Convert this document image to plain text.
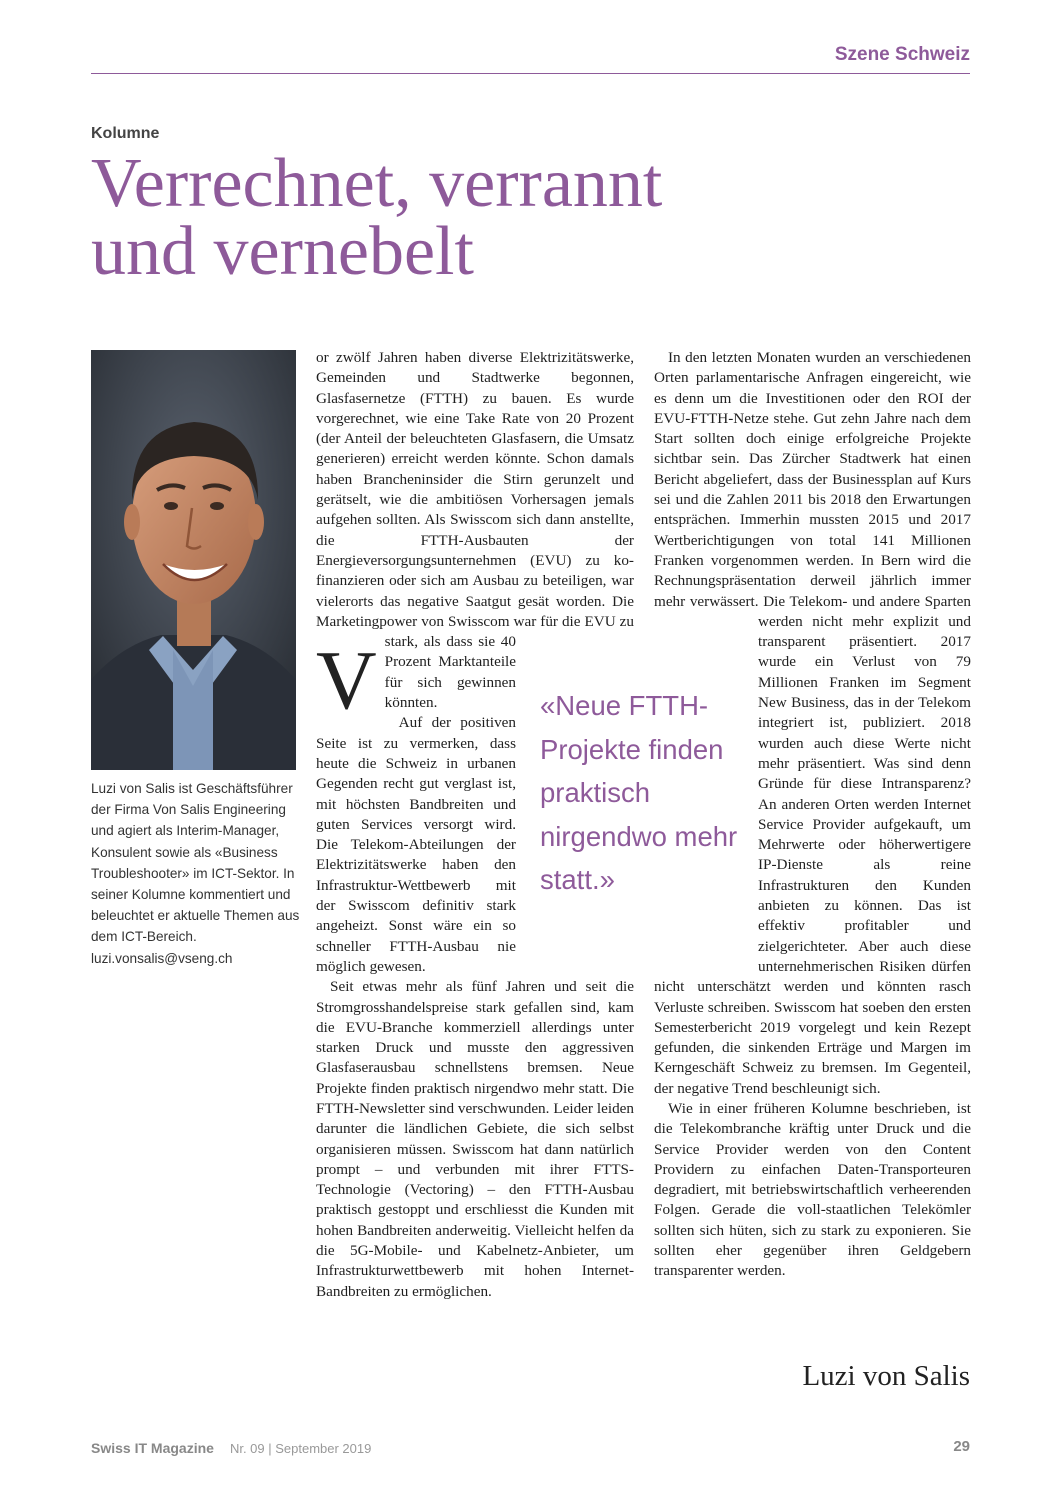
Szene Schweiz
Kolumne
Verrechnet, verrannt
und vernebelt

Luzi von Salis ist Geschäftsführer der Firma Von Salis Engineering und agiert als Interim-Manager, Konsulent sowie als «Business Troubleshooter» im ICT-Sektor. In seiner Kolumne kommentiert und beleuchtet er aktuelle Themen aus dem ICT-Bereich.

luzi.vonsalis@vseng.ch

V
or zwölf Jahren haben diverse Elektrizitätswerke, Gemeinden und Stadtwerke begonnen, Glasfasernetze (FTTH) zu bauen. Es wurde vorgerechnet, wie eine Take Rate von 20 Prozent (der Anteil der beleuchteten Glasfasern, die Umsatz generieren) erreicht werden könnte. Schon damals haben Brancheninsider die Stirn gerunzelt und gerätselt, wie die ambitiösen Vorhersagen jemals aufgehen sollten. Als Swisscom sich dann anstellte, die FTTH-Ausbauten der Energieversorgungsunternehmen (EVU) zu ko-finanzieren oder sich am Ausbau zu beteiligen, war vielerorts das negative Saatgut gesät worden. Die Marketingpower von Swisscom war für die EVU zu stark, als dass sie 40 Prozent Marktanteile für sich gewinnen könnten.

Auf der positiven Seite ist zu vermerken, dass heute die Schweiz in urbanen Gegenden recht gut verglast ist, mit höchsten Bandbreiten und guten Services versorgt wird. Die Telekom-Abteilungen der Elektrizitätswerke haben den Infrastruktur-Wettbewerb mit der Swisscom definitiv stark angeheizt. Sonst wäre ein so schneller FTTH-Ausbau nie möglich gewesen.

Seit etwas mehr als fünf Jahren und seit die Stromgrosshandelspreise stark gefallen sind, kam die EVU-Branche kommerziell allerdings unter starken Druck und musste den aggressiven Glasfaserausbau schnellstens bremsen. Neue Projekte finden praktisch nirgendwo mehr statt. Die FTTH-Newsletter sind verschwunden. Leider leiden darunter die ländlichen Gebiete, die sich selbst organisieren müssen. Swisscom hat dann natürlich prompt – und verbunden mit ihrer FTTS-Technologie (Vectoring) – den FTTH-Ausbau praktisch gestoppt und erschliesst die Kunden mit hohen Bandbreiten anderweitig. Vielleicht helfen da die 5G-Mobile- und Kabelnetz-Anbieter, um Infrastrukturwettbewerb mit hohen Internet-Bandbreiten zu ermöglichen.

«Neue FTTH-Projekte finden praktisch nirgendwo mehr statt.»

In den letzten Monaten wurden an verschiedenen Orten parlamentarische Anfragen eingereicht, wie es denn um die Investitionen oder den ROI der EVU-FTTH-Netze stehe. Gut zehn Jahre nach dem Start sollten doch einige erfolgreiche Projekte sichtbar sein. Das Zürcher Stadtwerk hat einen Bericht abgeliefert, dass der Businessplan auf Kurs sei und die Zahlen 2011 bis 2018 den Erwartungen entsprächen. Immerhin mussten 2015 und 2017 Wertberichtigungen von total 141 Millionen Franken vorgenommen werden. In Bern wird die Rechnungspräsentation derweil jährlich immer mehr verwässert. Die Telekom- und andere Sparten werden nicht mehr explizit und transparent präsentiert. 2017 wurde ein Verlust von 79 Millionen Franken im Segment New Business, das in der Telekom integriert ist, publiziert. 2018 wurden auch diese Werte nicht mehr präsentiert. Was sind denn Gründe für diese Intransparenz? An anderen Orten werden Internet Service Provider aufgekauft, um Mehrwerte oder höherwertigere IP-Dienste als reine Infrastrukturen den Kunden anbieten zu können. Das ist effektiv profitabler und zielgerichteter. Aber auch diese unternehmerischen Risiken dürfen nicht unterschätzt werden und könnten rasch Verluste schreiben. Swisscom hat soeben den ersten Semesterbericht 2019 vorgelegt und kein Rezept gefunden, die sinkenden Erträge und Margen im Kerngeschäft Schweiz zu bremsen. Im Gegenteil, der negative Trend beschleunigt sich.

Wie in einer früheren Kolumne beschrieben, ist die Telekombranche kräftig unter Druck und die Service Provider werden von den Content Providern zu einfachen Daten-Transporteuren degradiert, mit betriebswirtschaftlich verheerenden Folgen. Gerade die voll-staatlichen Telekömler sollten sich hüten, sich zu stark zu exponieren. Sie sollten eher gegenüber ihren Geldgebern transparenter werden.

Luzi von Salis
Swiss IT Magazine Nr. 09 | September 2019	29
